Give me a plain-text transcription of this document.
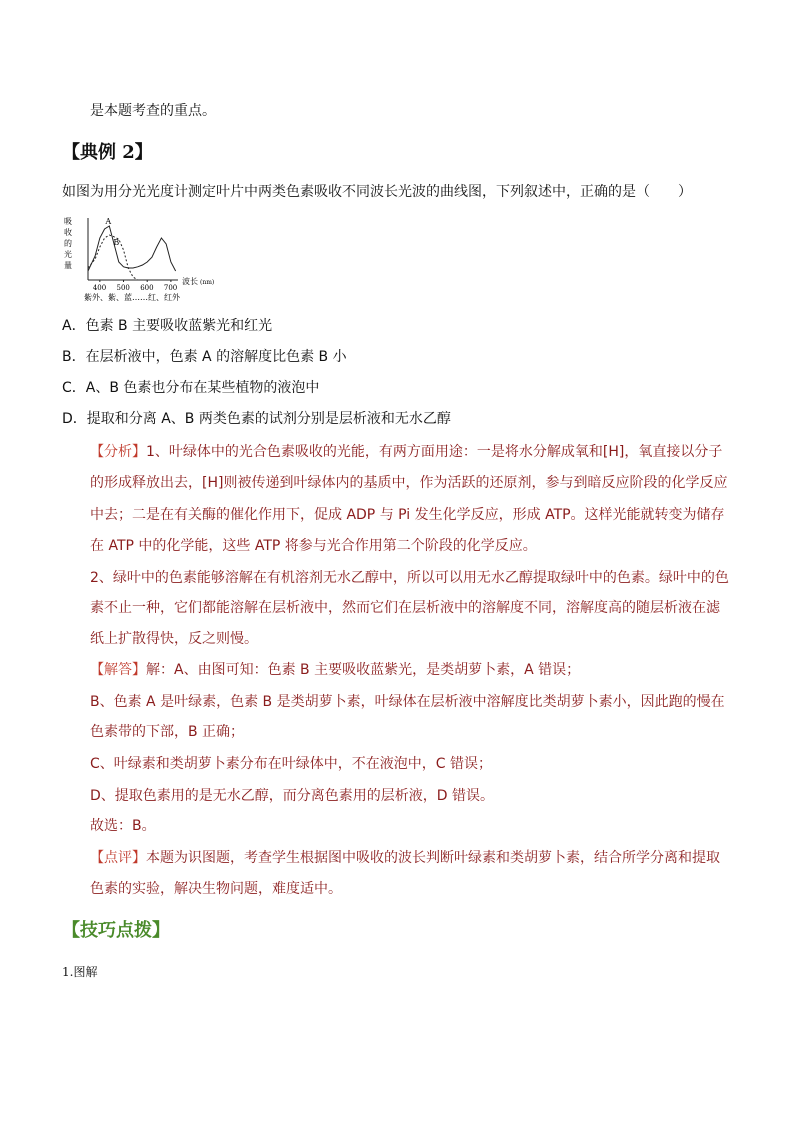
是本题考查的重点。
【典例 2】
如图为用分光光度计测定叶片中两类色素吸收不同波长光波的曲线图，下列叙述中，正确的是（　　）
吸
收
的
光
量
A
B
400 500 600 700
波长 (nm)
紫外、紫、蓝……红、红外
A．色素 B 主要吸收蓝紫光和红光
B．在层析液中，色素 A 的溶解度比色素 B 小
C．A、B 色素也分布在某些植物的液泡中
D．提取和分离 A、B 两类色素的试剂分别是层析液和无水乙醇
【分析】1、叶绿体中的光合色素吸收的光能，有两方面用途：一是将水分解成氧和[H]，氧直接以分子
的形成释放出去，[H]则被传递到叶绿体内的基质中，作为活跃的还原剂，参与到暗反应阶段的化学反应
中去；二是在有关酶的催化作用下，促成 ADP 与 Pi 发生化学反应，形成 ATP。这样光能就转变为储存
在 ATP 中的化学能，这些 ATP 将参与光合作用第二个阶段的化学反应。
2、绿叶中的色素能够溶解在有机溶剂无水乙醇中，所以可以用无水乙醇提取绿叶中的色素。绿叶中的色
素不止一种，它们都能溶解在层析液中，然而它们在层析液中的溶解度不同，溶解度高的随层析液在滤
纸上扩散得快，反之则慢。
【解答】解：A、由图可知：色素 B 主要吸收蓝紫光，是类胡萝卜素，A 错误；
B、色素 A 是叶绿素，色素 B 是类胡萝卜素，叶绿体在层析液中溶解度比类胡萝卜素小，因此跑的慢在
色素带的下部，B 正确；
C、叶绿素和类胡萝卜素分布在叶绿体中，不在液泡中，C 错误；
D、提取色素用的是无水乙醇，而分离色素用的层析液，D 错误。
故选：B。
【点评】本题为识图题，考查学生根据图中吸收的波长判断叶绿素和类胡萝卜素，结合所学分离和提取
色素的实验，解决生物问题，难度适中。
【技巧点拨】
1.图解
